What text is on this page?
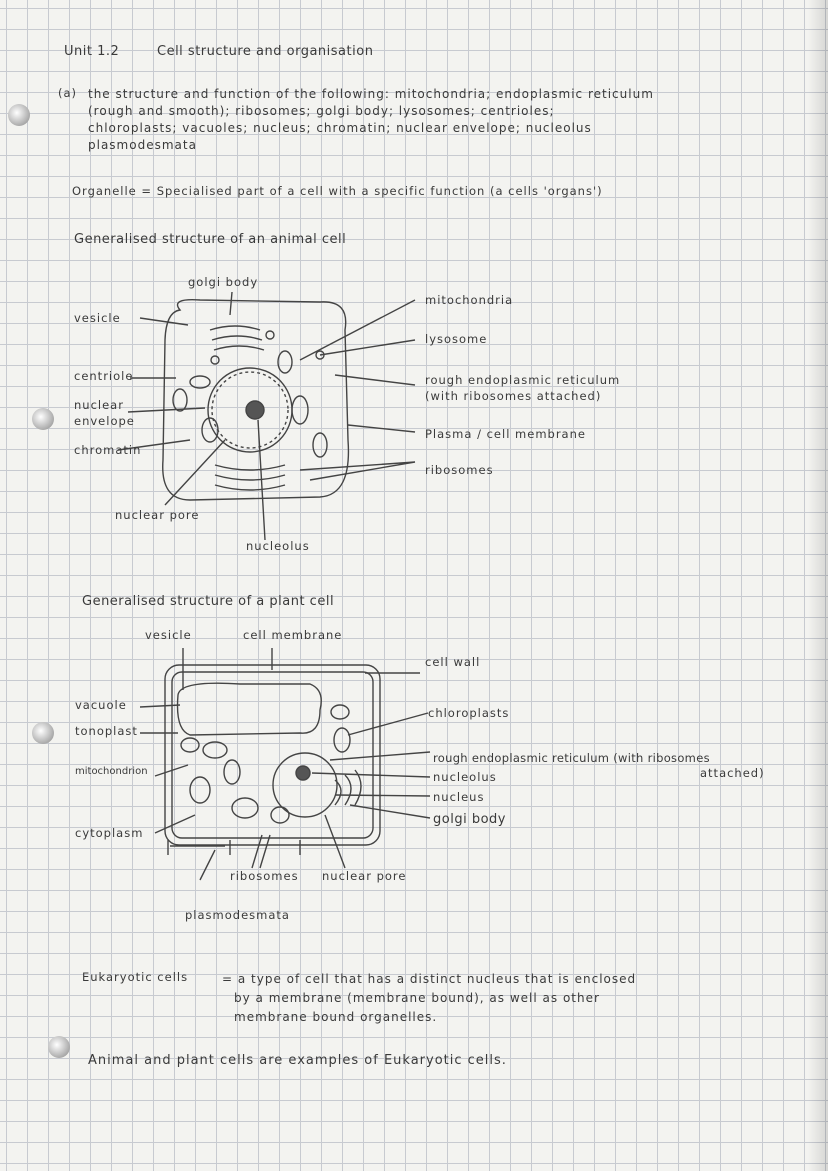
Unit 1.2	Cell structure and organisation
(a) the structure and function of the following: mitochondria; endoplasmic reticulum
(rough and smooth); ribosomes; golgi body; lysosomes; centrioles;
chloroplasts; vacuoles; nucleus; chromatin; nuclear envelope; nucleolus
plasmodesmata
Organelle = Specialised part of a cell with a specific function (a cells 'organs')
Generalised structure of an animal cell
golgi body
vesicle
centriole
nuclear
envelope
chromatin
nuclear pore
nucleolus
mitochondria
lysosome
rough endoplasmic reticulum
(with ribosomes attached)
Plasma / cell membrane
ribosomes
Generalised structure of a plant cell
vesicle	cell membrane
cell wall
vacuole
tonoplast
mitochondrion
cytoplasm
chloroplasts
rough endoplasmic reticulum (with ribosomes
attached)
nucleolus
nucleus
golgi body
ribosomes nuclear pore
plasmodesmata
Eukaryotic cells	= a type of cell that has a distinct nucleus that is enclosed
by a membrane (membrane bound), as well as other
membrane bound organelles.
Animal and plant cells are examples of Eukaryotic cells.
